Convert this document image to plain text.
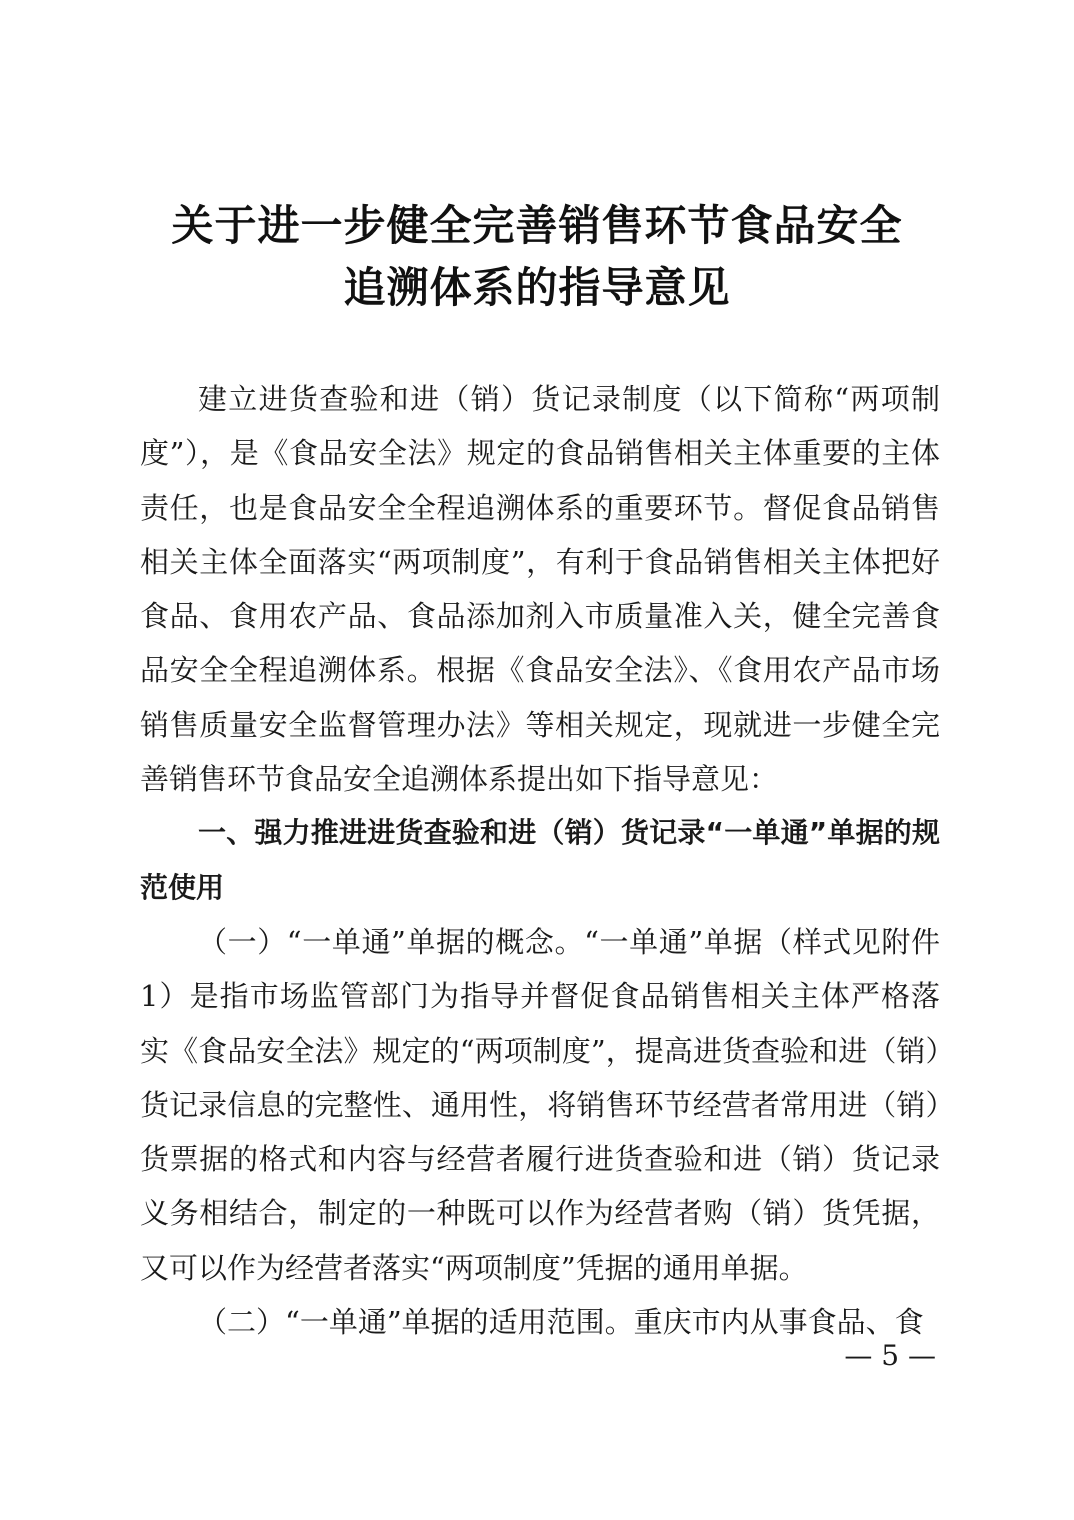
关于进一步健全完善销售环节食品安全
追溯体系的指导意见

建立进货查验和进（销）货记录制度（以下简称“两项制度”），是《食品安全法》规定的食品销售相关主体重要的主体责任，也是食品安全全程追溯体系的重要环节。督促食品销售相关主体全面落实“两项制度”，有利于食品销售相关主体把好食品、食用农产品、食品添加剂入市质量准入关，健全完善食品安全全程追溯体系。根据《食品安全法》、《食用农产品市场销售质量安全监督管理办法》等相关规定，现就进一步健全完善销售环节食品安全追溯体系提出如下指导意见：

一、强力推进进货查验和进（销）货记录“一单通”单据的规范使用

（一）“一单通”单据的概念。“一单通”单据（样式见附件1）是指市场监管部门为指导并督促食品销售相关主体严格落实《食品安全法》规定的“两项制度”，提高进货查验和进（销）货记录信息的完整性、通用性，将销售环节经营者常用进（销）货票据的格式和内容与经营者履行进货查验和进（销）货记录义务相结合，制定的一种既可以作为经营者购（销）货凭据，又可以作为经营者落实“两项制度”凭据的通用单据。

（二）“一单通”单据的适用范围。重庆市内从事食品、食

— 5 —
